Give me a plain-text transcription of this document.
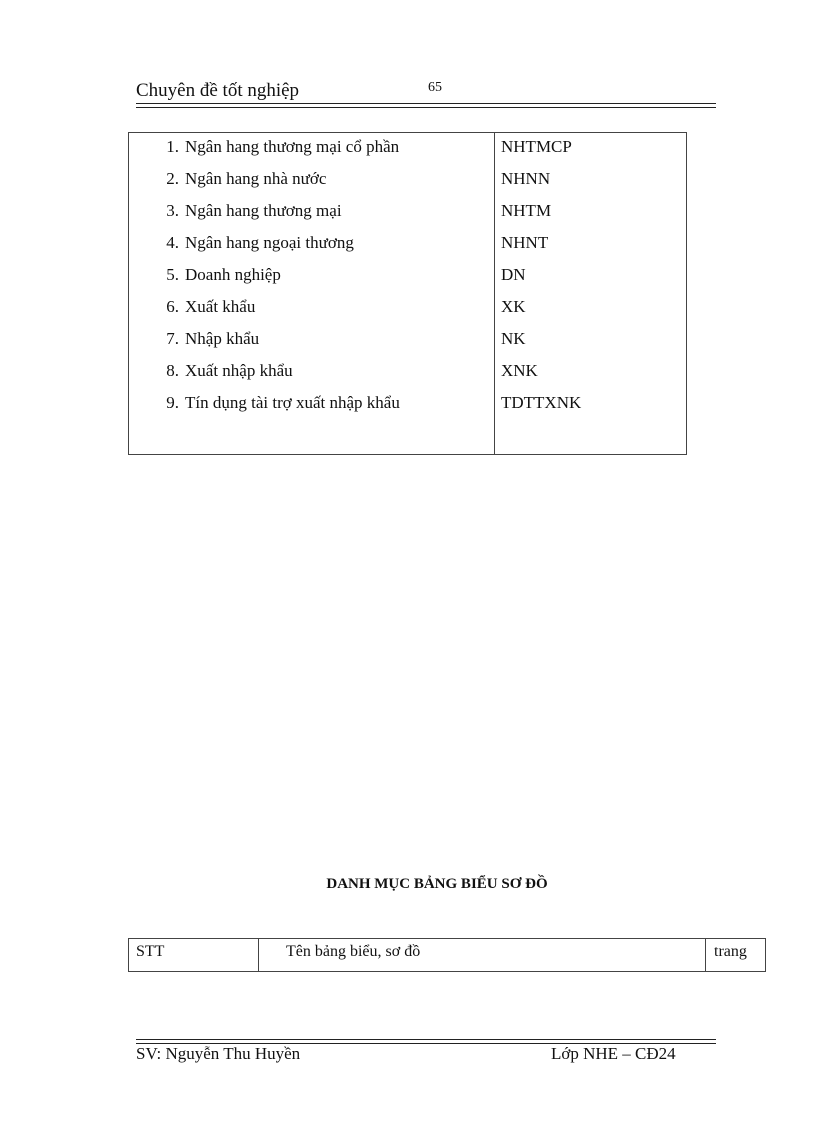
Chuyên đề tốt nghiệp	65
1. Ngân hang thương mại cổ phần	NHTMCP
2. Ngân hang nhà nước	NHNN
3. Ngân hang thương mại	NHTM
4. Ngân hang ngoại thương	NHNT
5. Doanh nghiệp	DN
6. Xuất khẩu	XK
7. Nhập khẩu	NK
8. Xuất nhập khẩu	XNK
9. Tín dụng tài trợ xuất nhập khẩu	TDTTXNK
DANH MỤC BẢNG BIỂU SƠ ĐỒ
STT	Tên bảng biểu, sơ đồ	trang
SV: Nguyễn Thu Huyền	Lớp NHE – CĐ24
